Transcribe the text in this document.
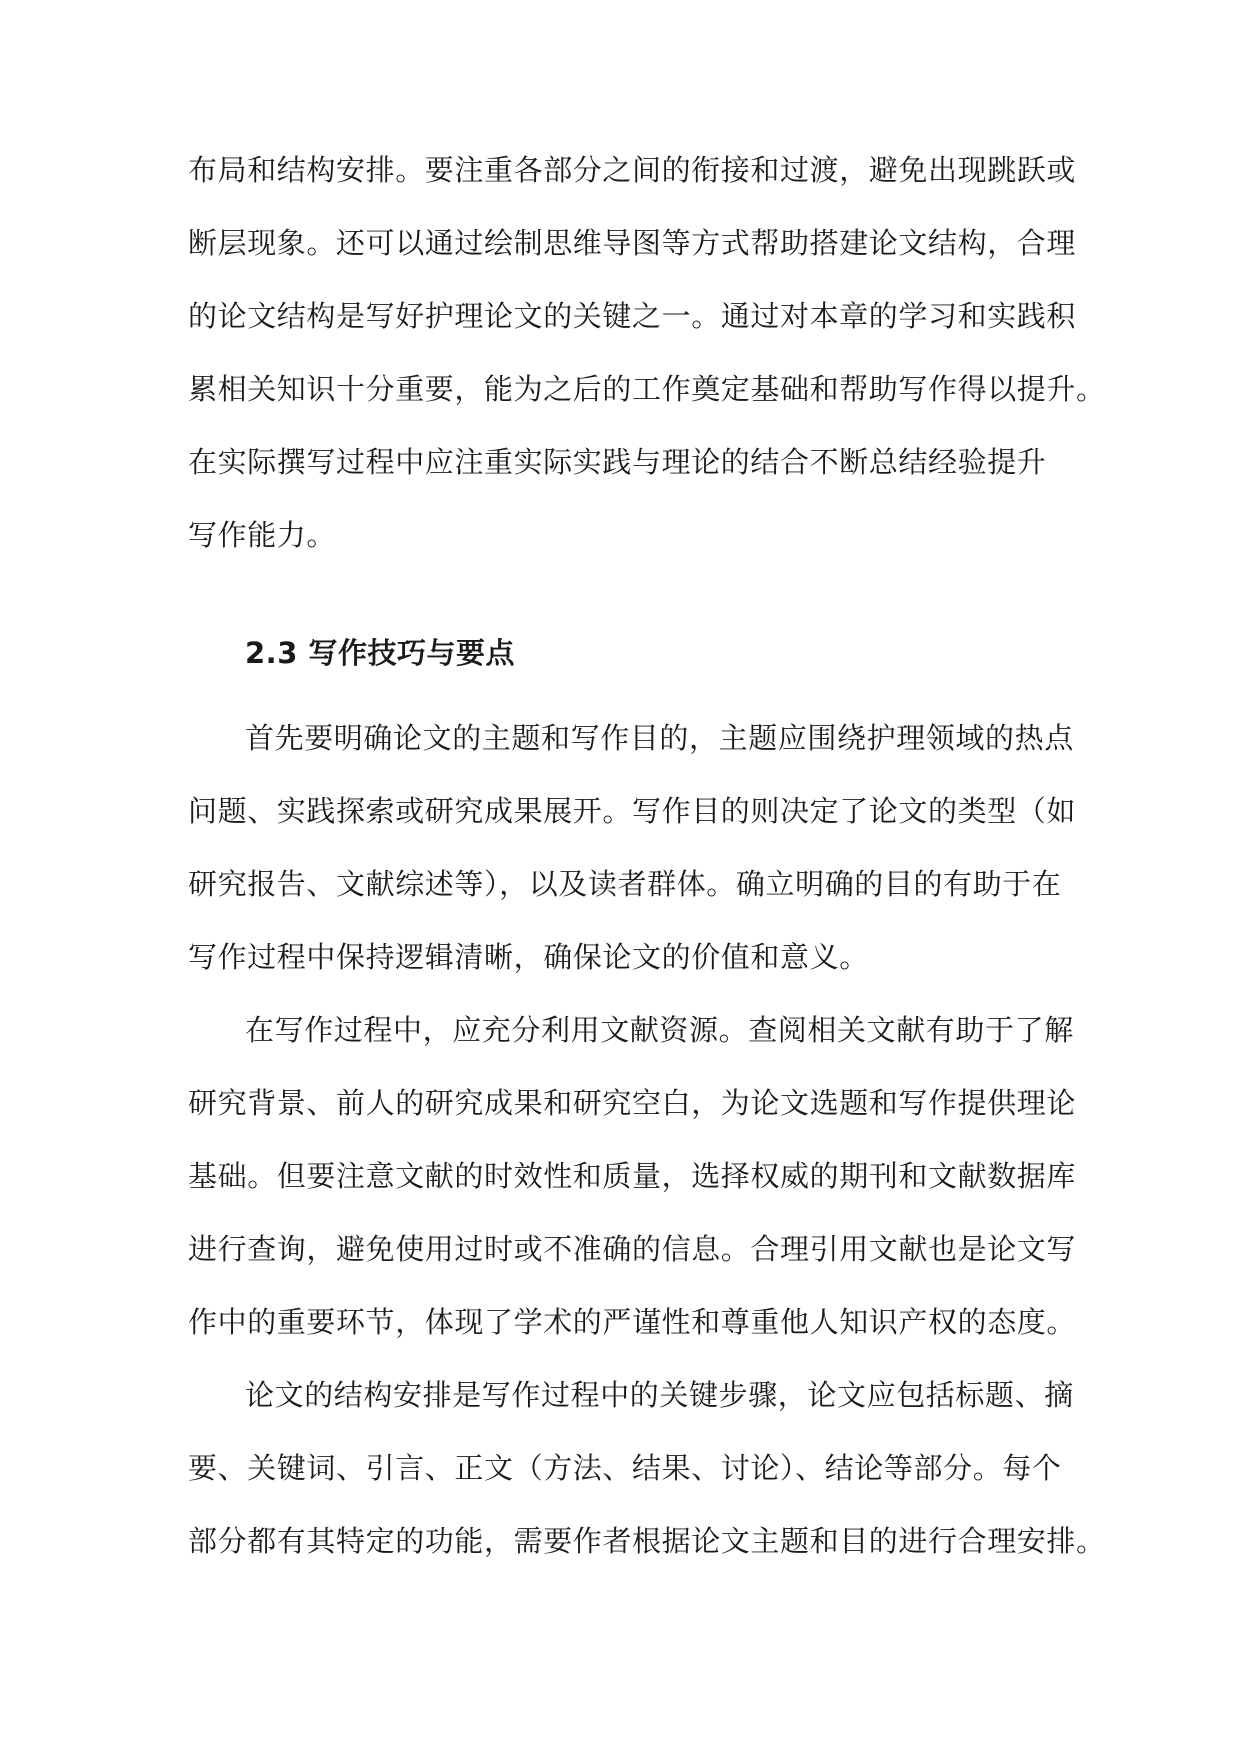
布局和结构安排。要注重各部分之间的衔接和过渡，避免出现跳跃或
断层现象。还可以通过绘制思维导图等方式帮助搭建论文结构，合理
的论文结构是写好护理论文的关键之一。通过对本章的学习和实践积
累相关知识十分重要，能为之后的工作奠定基础和帮助写作得以提升。
在实际撰写过程中应注重实际实践与理论的结合不断总结经验提升
写作能力。
2.3 写作技巧与要点
首先要明确论文的主题和写作目的，主题应围绕护理领域的热点
问题、实践探索或研究成果展开。写作目的则决定了论文的类型（如
研究报告、文献综述等），以及读者群体。确立明确的目的有助于在
写作过程中保持逻辑清晰，确保论文的价值和意义。
在写作过程中，应充分利用文献资源。查阅相关文献有助于了解
研究背景、前人的研究成果和研究空白，为论文选题和写作提供理论
基础。但要注意文献的时效性和质量，选择权威的期刊和文献数据库
进行查询，避免使用过时或不准确的信息。合理引用文献也是论文写
作中的重要环节，体现了学术的严谨性和尊重他人知识产权的态度。
论文的结构安排是写作过程中的关键步骤，论文应包括标题、摘
要、关键词、引言、正文（方法、结果、讨论）、结论等部分。每个
部分都有其特定的功能，需要作者根据论文主题和目的进行合理安排。
